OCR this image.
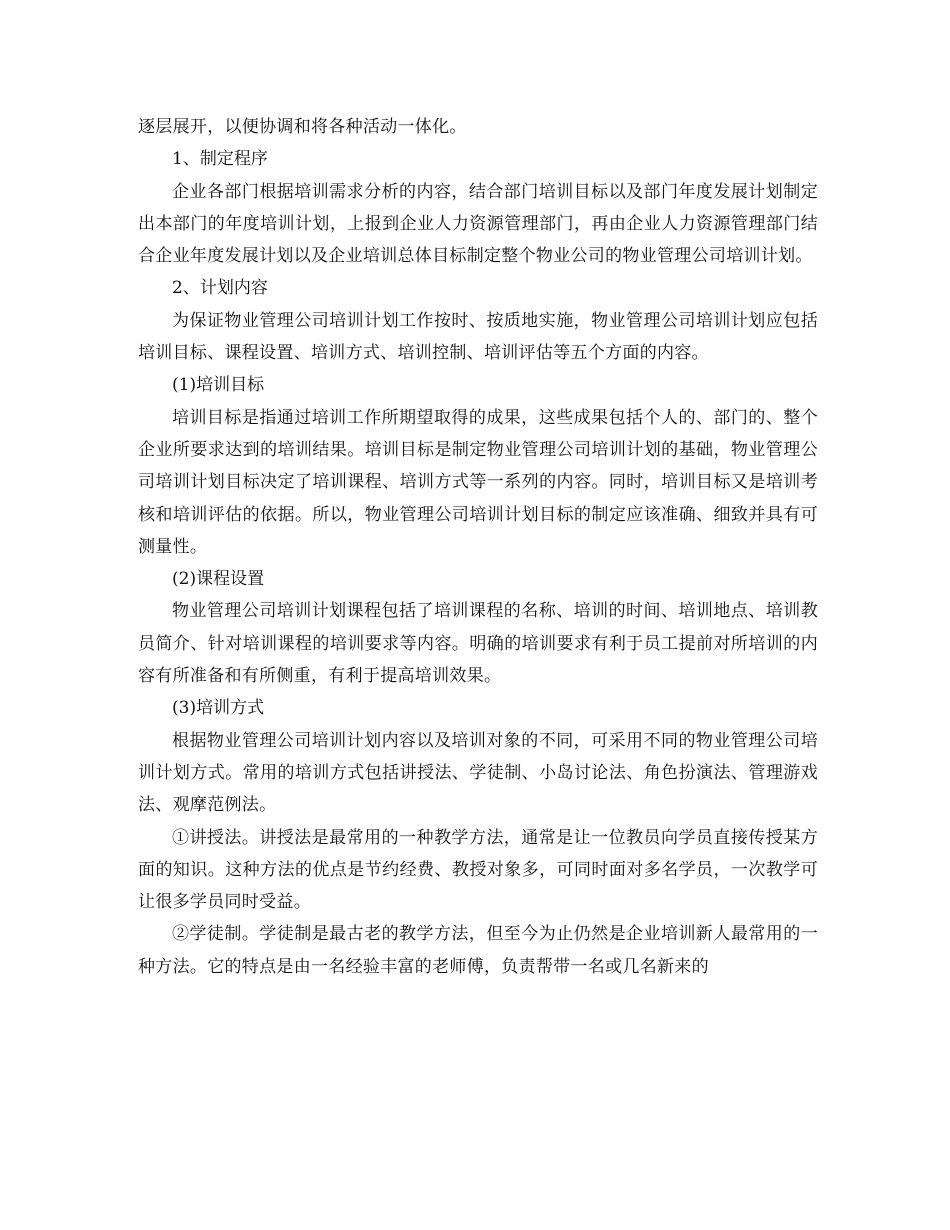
逐层展开，以便协调和将各种活动一体化。

1、制定程序

企业各部门根据培训需求分析的内容，结合部门培训目标以及部门年度发展计划制定出本部门的年度培训计划，上报到企业人力资源管理部门，再由企业人力资源管理部门结合企业年度发展计划以及企业培训总体目标制定整个物业公司的物业管理公司培训计划。

2、计划内容

为保证物业管理公司培训计划工作按时、按质地实施，物业管理公司培训计划应包括培训目标、课程设置、培训方式、培训控制、培训评估等五个方面的内容。

(1)培训目标

培训目标是指通过培训工作所期望取得的成果，这些成果包括个人的、部门的、整个企业所要求达到的培训结果。培训目标是制定物业管理公司培训计划的基础，物业管理公司培训计划目标决定了培训课程、培训方式等一系列的内容。同时，培训目标又是培训考核和培训评估的依据。所以，物业管理公司培训计划目标的制定应该准确、细致并具有可测量性。

(2)课程设置

物业管理公司培训计划课程包括了培训课程的名称、培训的时间、培训地点、培训教员简介、针对培训课程的培训要求等内容。明确的培训要求有利于员工提前对所培训的内容有所准备和有所侧重，有利于提高培训效果。

(3)培训方式

根据物业管理公司培训计划内容以及培训对象的不同，可采用不同的物业管理公司培训计划方式。常用的培训方式包括讲授法、学徒制、小岛讨论法、角色扮演法、管理游戏法、观摩范例法。

①讲授法。讲授法是最常用的一种教学方法，通常是让一位教员向学员直接传授某方面的知识。这种方法的优点是节约经费、教授对象多，可同时面对多名学员，一次教学可让很多学员同时受益。

②学徒制。学徒制是最古老的教学方法，但至今为止仍然是企业培训新人最常用的一种方法。它的特点是由一名经验丰富的老师傅，负责帮带一名或几名新来的
